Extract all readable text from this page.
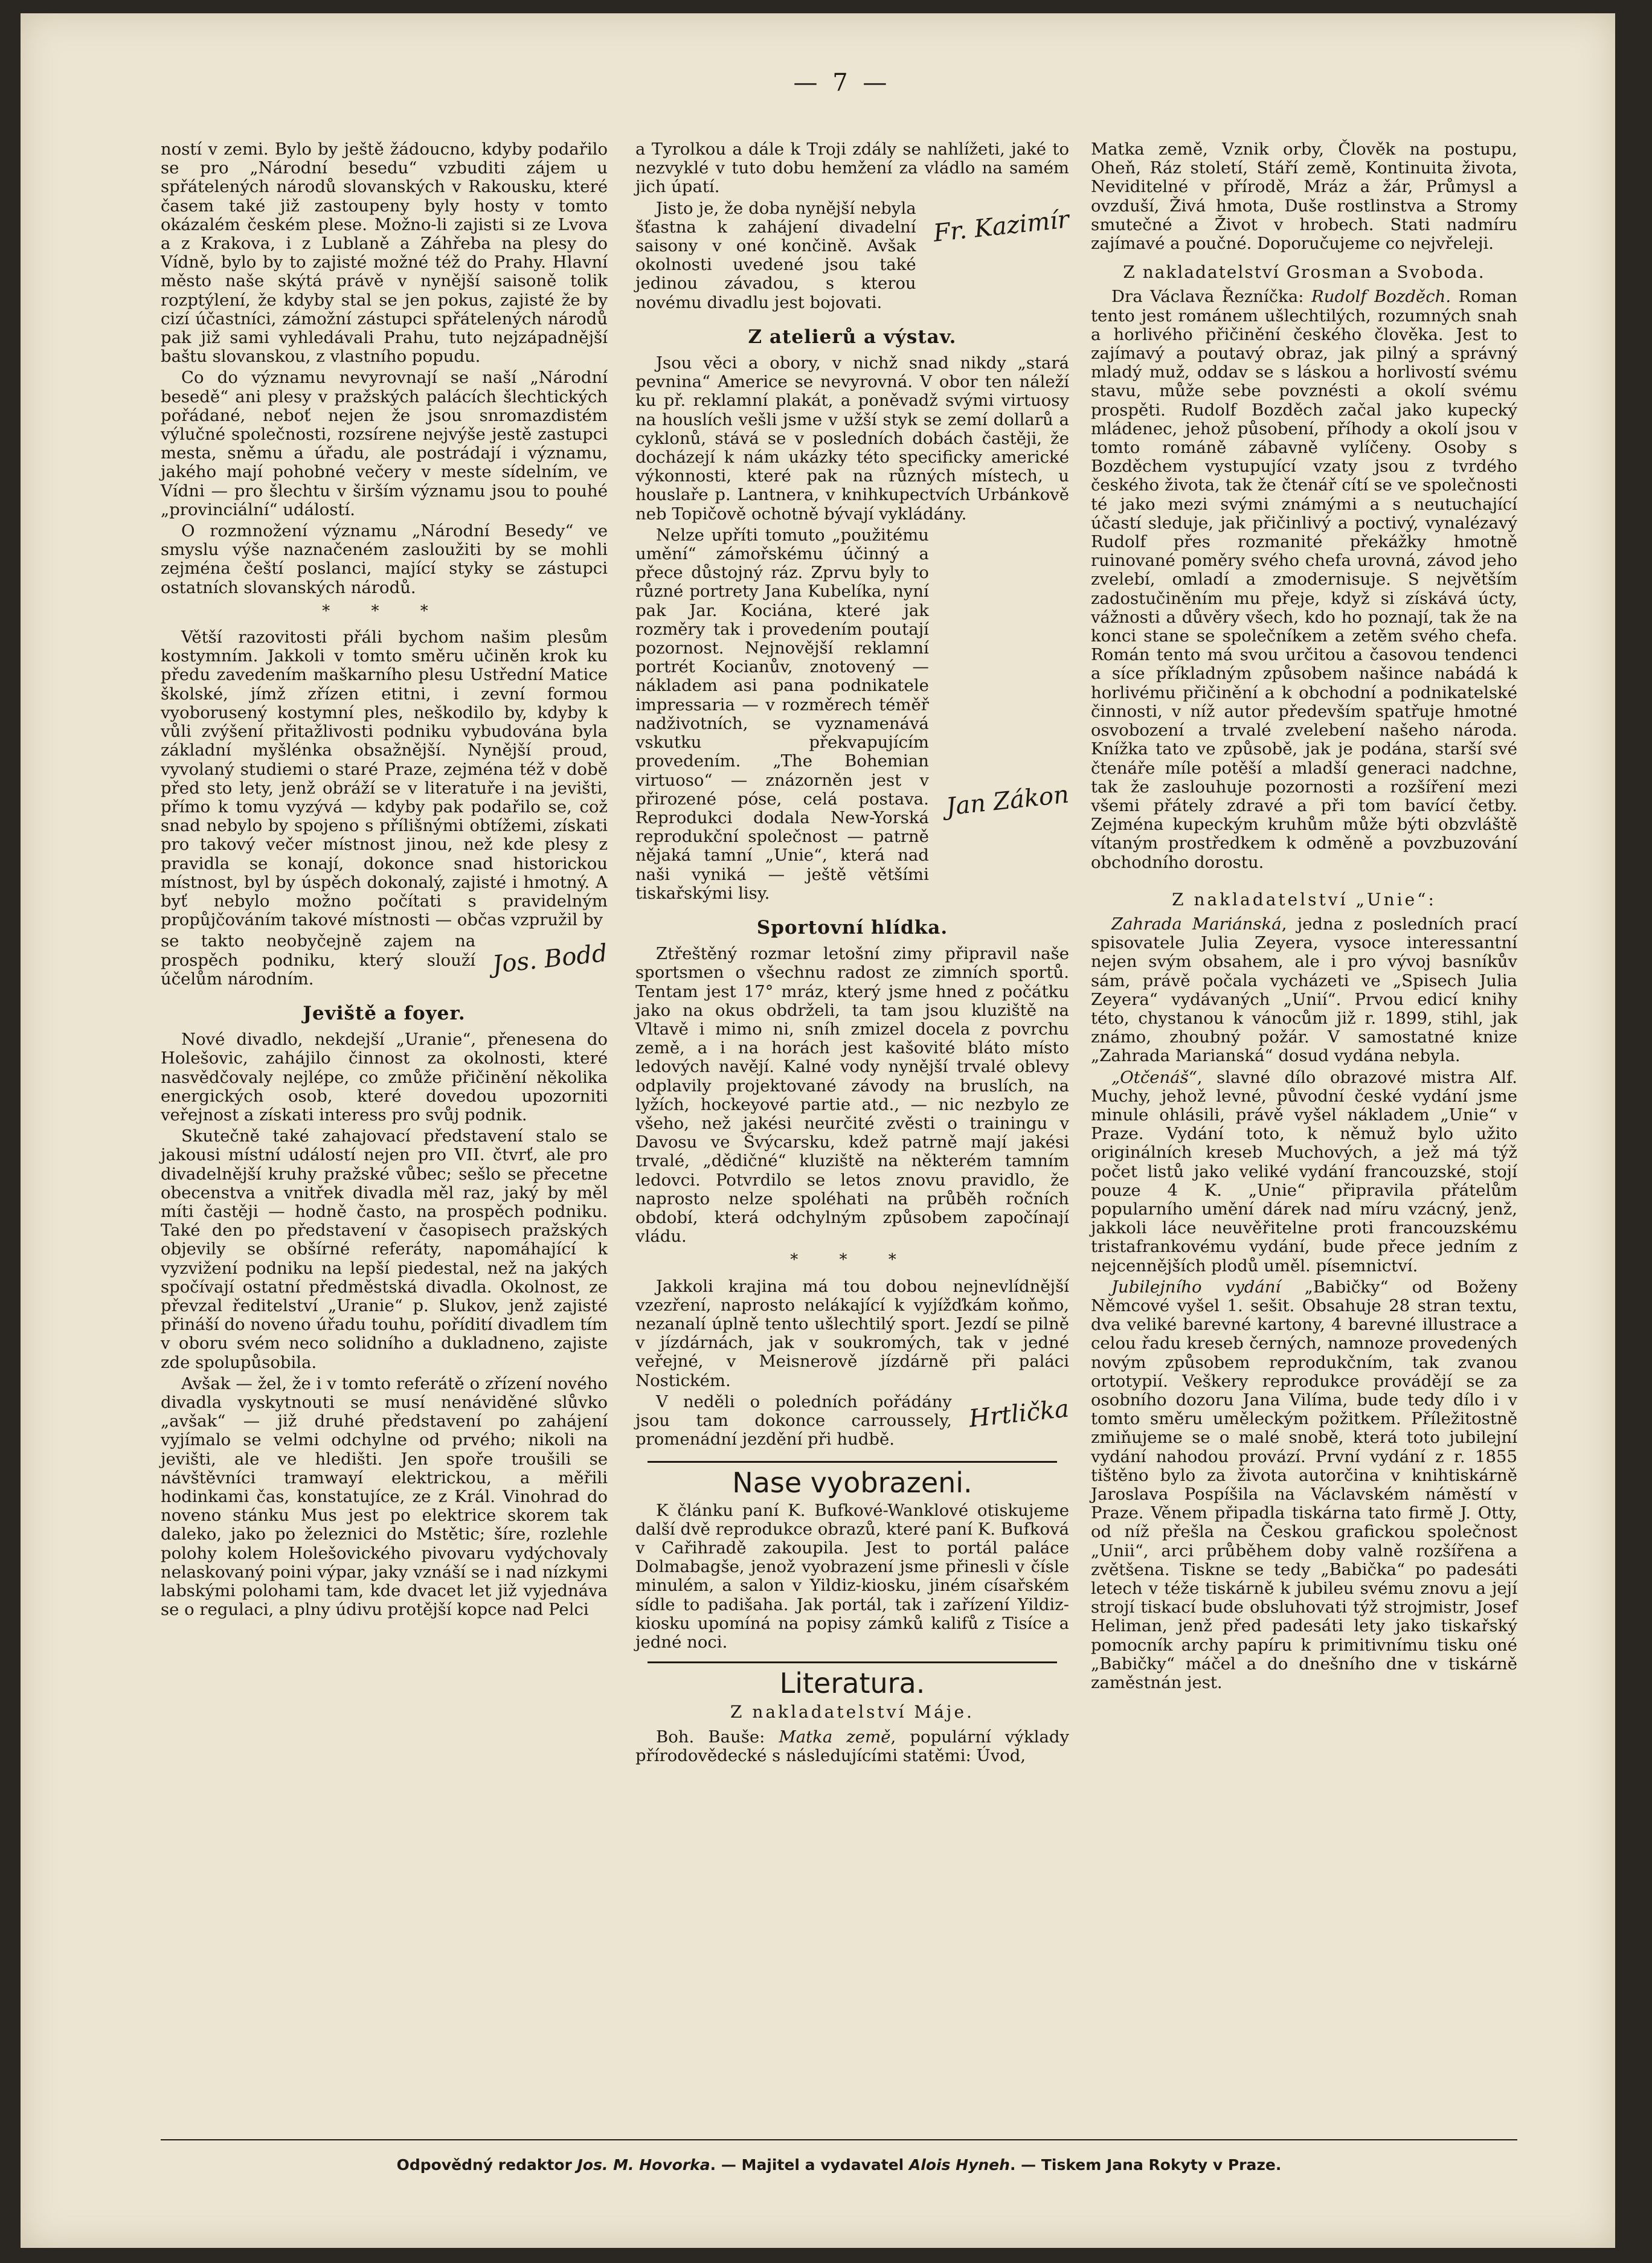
— 7 —

ností v zemi. Bylo by ještě žádoucno, kdyby podařilo se pro „Národní besedu“ vzbuditi zájem u spřátelených národů slovanských v Rakousku, které časem také již zastoupeny byly hosty v tomto okázalém českém plese. Možno-li zajisti si ze Lvova a z Krakova, i z Lublaně a Záhřeba na plesy do Vídně, bylo by to zajisté možné též do Prahy. Hlavní město naše skýtá právě v nynější saisoně tolik rozptýlení, že kdyby stal se jen pokus, zajisté že by cizí účastníci, zámožní zástupci spřátelených národů pak již sami vyhledávali Prahu, tuto nejzápadnější baštu slovanskou, z vlastního popudu.

Co do významu nevyrovnají se naší „Národní besedě“ ani plesy v pražských palácích šlechtických pořádané, neboť nejen že jsou snromazdistém výlučné společnosti, rozsírene nejvýše jestě zastupci mesta, sněmu a úřadu, ale postrádají i významu, jakého mají pohobné večery v meste sídelním, ve Vídni — pro šlechtu v širším významu jsou to pouhé „provinciální“ událostí.

O rozmnožení významu „Národní Besedy“ ve smyslu výše naznačeném zasloužiti by se mohli zejména čeští poslanci, mající styky se zástupci ostatních slovanských národů.

* * *

Větší razovitosti přáli bychom našim plesům kostymním. Jakkoli v tomto směru učiněn krok ku předu zavedením maškarního plesu Ustřední Matice školské, jímž zřízen etitni, i zevní formou vyoborusený kostymní ples, neškodilo by, kdyby k vůli zvýšení přitažlivosti podniku vybudována byla základní myšlénka obsažnější. Nynější proud, vyvolaný studiemi o staré Praze, zejména též v době před sto lety, jenž obráží se v literatuře i na jevišti, přímo k tomu vyzývá — kdyby pak podařilo se, což snad nebylo by spojeno s přílišnými obtížemi, získati pro takový večer místnost jinou, než kde plesy z pravidla se konají, dokonce snad historickou místnost, byl by úspěch dokonalý, zajisté i hmotný. A byť nebylo možno počítati s pravidelným propůjčováním takové místnosti — občas vzpružil by

se takto neobyčejně zajem na prospěch podniku, který slouží účelům národním.	Jos. Bodd
Jeviště a foyer.

Nové divadlo, nekdejší „Uranie“, přenesena do Holešovic, zahájilo činnost za okolnosti, které nasvědčovaly nejlépe, co zmůže přičinění několika energických osob, které dovedou upozorniti veřejnost a získati interess pro svůj podnik.

Skutečně také zahajovací představení stalo se jakousi místní událostí nejen pro VII. čtvrť, ale pro divadelnější kruhy pražské vůbec; sešlo se přecetne obecenstva a vnitřek divadla měl raz, jaký by měl míti častěji — hodně často, na prospěch podniku. Také den po představení v časopisech pražských objevily se obšírné referáty, napomáhající k vyzvižení podniku na lepší piedestal, než na jakých spočívají ostatní předměstská divadla. Okolnost, ze převzal ředitelství „Uranie“ p. Slukov, jenž zajisté přináší do noveno úřadu touhu, pořídití divadlem tím v oboru svém neco solidního a dukladneno, zajiste zde spolupůsobila.

Avšak — žel, že i v tomto referátě o zřízení nového divadla vyskytnouti se musí nenáviděné slůvko „avšak“ — již druhé představení po zahájení vyjímalo se velmi odchylne od prvého; nikoli na jevišti, ale ve hledišti. Jen spoře troušili se návštěvníci tramwayí elektrickou, a měřili hodinkami čas, konstatujíce, ze z Král. Vinohrad do noveno stánku Mus jest po elektrice skorem tak daleko, jako po železnici do Mstětic; šíre, rozlehle polohy kolem Holešovického pivovaru vydýchovaly nelaskovaný poini výpar, jaky vznáší se i nad nízkymi labskými polohami tam, kde dvacet let již vyjednáva se o regulaci, a plny údivu protější kopce nad Pelci

a Tyrolkou a dále k Troji zdály se nahlížeti, jaké to nezvyklé v tuto dobu hemžení za vládlo na samém jich úpatí.

Jisto je, že doba nynější nebyla šťastna k zahájení divadelní saisony v oné končině. Avšak okolnosti uvedené jsou také jedinou závadou, s kterou novému divadlu jest bojovati.

Fr. Kazimír
Z atelierů a výstav.

Jsou věci a obory, v nichž snad nikdy „stará pevnina“ Americe se nevyrovná. V obor ten náleží ku př. reklamní plakát, a poněvadž svými virtuosy na houslích vešli jsme v užší styk se zemí dollarů a cyklonů, stává se v posledních dobách častěji, že docházejí k nám ukázky této specificky americké výkonnosti, které pak na různých místech, u houslaře p. Lantnera, v knihkupectvích Urbánkově neb Topičově ochotně bývají vykládány.

Nelze upříti tomuto „použitému umění“ zámořskému účinný a přece důstojný ráz. Zprvu byly to různé portrety Jana Kubelíka, nyní pak Jar. Kociána, které jak rozměry tak i provedením poutají pozornost. Nejnovější reklamní portrét Kocianův, znotovený — nákladem asi pana podnikatele impressaria — v rozměrech téměř nadživotních, se vyznamenává vskutku překvapujícím provedením. „The Bohemian virtuoso“ — znázorněn jest v přirozené póse, celá postava. Reprodukci dodala New-Yorská reprodukční společnost — patrně nějaká tamní „Unie“, která nad naši vyniká — ještě většími tiskařskými lisy.

Jan Zákon
Sportovní hlídka.

Ztřeštěný rozmar letošní zimy připravil naše sportsmen o všechnu radost ze zimních sportů. Tentam jest 17° mráz, který jsme hned z počátku jako na okus obdrželi, ta tam jsou kluziště na Vltavě i mimo ni, sníh zmizel docela z povrchu země, a i na horách jest kašovité bláto místo ledových navějí. Kalné vody nynější trvalé oblevy odplavily projektované závody na bruslích, na lyžích, hockeyové partie atd., — nic nezbylo ze všeho, než jakési neurčité zvěsti o trainingu v Davosu ve Švýcarsku, kdež patrně mají jakési trvalé, „dědičné“ kluziště na některém tamním ledovci. Potvrdilo se letos znovu pravidlo, že naprosto nelze spoléhati na průběh ročních období, která odchylným způsobem započínají vládu.

* * *

Jakkoli krajina má tou dobou nejnevlídnější vzezření, naprosto nelákající k vyjížďkám koňmo, nezanalí úplně tento ušlechtilý sport. Jezdí se pilně v jízdárnách, jak v soukromých, tak v jedné veřejné, v Meisnerově jízdárně při paláci Nostickém.

V neděli o poledních pořádány jsou tam dokonce carroussely, promenádní jezdění při hudbě.

Hrtlička
Nase vyobrazeni.

K článku paní K. Bufkové-Wanklové otiskujeme další dvě reprodukce obrazů, které paní K. Bufková v Cařihradě zakoupila. Jest to portál paláce Dolmabagše, jenož vyobrazení jsme přinesli v čísle minulém, a salon v Yildiz-kiosku, jiném císařském sídle to padišaha. Jak portál, tak i zařízení Yildiz-kiosku upomíná na popisy zámků kalifů z Tisíce a jedné noci.

Literatura.
Z nakladatelství Máje.

Boh. Bauše: Matka země, populární výklady přírodovědecké s následujícími statěmi: Úvod,

Matka země, Vznik orby, Člověk na postupu, Oheň, Ráz století, Stáří země, Kontinuita života, Neviditelné v přírodě, Mráz a žár, Průmysl a ovzduší, Živá hmota, Duše rostlinstva a Stromy smutečné a Život v hrobech. Stati nadmíru zajímavé a poučné. Doporučujeme co nejvřeleji.

Z nakladatelství Grosman a Svoboda.

Dra Václava Řezníčka: Rudolf Bozděch. Roman tento jest románem ušlechtilých, rozumných snah a horlivého přičinění českého člověka. Jest to zajímavý a poutavý obraz, jak pilný a správný mladý muž, oddav se s láskou a horlivostí svému stavu, může sebe povznésti a okolí svému prospěti. Rudolf Bozděch začal jako kupecký mládenec, jehož působení, příhody a okolí jsou v tomto románě zábavně vylíčeny. Osoby s Bozděchem vystupující vzaty jsou z tvrdého českého života, tak že čtenář cítí se ve společnosti té jako mezi svými známými a s neutuchající účastí sleduje, jak přičinlivý a poctivý, vynalézavý Rudolf přes rozmanité překážky hmotně ruinované poměry svého chefa urovná, závod jeho zvelebí, omladí a zmodernisuje. S největším zadostučiněním mu přeje, když si získává úcty, vážnosti a důvěry všech, kdo ho poznají, tak že na konci stane se společníkem a zetěm svého chefa. Román tento má svou určitou a časovou tendenci a síce příkladným způsobem našince nabádá k horlivému přičinění a k obchodní a podnikatelské činnosti, v níž autor především spatřuje hmotné osvobození a trvalé zvelebení našeho národa. Knížka tato ve způsobě, jak je podána, starší své čtenáře míle potěší a mladší generaci nadchne, tak že zaslouhuje pozornosti a rozšíření mezi všemi přátely zdravé a při tom bavící četby. Zejména kupeckým kruhům může býti obzvláště vítaným prostředkem k odměně a povzbuzování obchodního dorostu.

Z nakladatelství „Unie“:

Zahrada Mariánská, jedna z posledních prací spisovatele Julia Zeyera, vysoce interessantní nejen svým obsahem, ale i pro vývoj basníkův sám, právě počala vycházeti ve „Spisech Julia Zeyera“ vydávaných „Unií“. Prvou edicí knihy této, chystanou k vánocům již r. 1899, stihl, jak známo, zhoubný požár. V samostatné knize „Zahrada Marianská“ dosud vydána nebyla.

„Otčenáš“, slavné dílo obrazové mistra Alf. Muchy, jehož levné, původní české vydání jsme minule ohlásili, právě vyšel nákladem „Unie“ v Praze. Vydání toto, k němuž bylo užito originálních kreseb Muchových, a jež má týž počet listů jako veliké vydání francouzské, stojí pouze 4 K. „Unie“ připravila přátelům popularního umění dárek nad míru vzácný, jenž, jakkoli láce neuvěřitelne proti francouzskému tristafrankovému vydání, bude přece jedním z nejcennějších plodů uměl. písemnictví.

Jubilejního vydání „Babičky“ od Boženy Němcové vyšel 1. sešit. Obsahuje 28 stran textu, dva veliké barevné kartony, 4 barevné illustrace a celou řadu kreseb černých, namnoze provedených novým způsobem reprodukčním, tak zvanou ortotypií. Veškery reprodukce provádějí se za osobního dozoru Jana Vilíma, bude tedy dílo i v tomto směru uměleckým požitkem. Příležitostně zmiňujeme se o malé snobě, která toto jubilejní vydání nahodou provází. První vydání z r. 1855 tištěno bylo za života autorčina v knihtiskárně Jaroslava Pospíšila na Václavském náměstí v Praze. Věnem připadla tiskárna tato firmě J. Otty, od níž přešla na Českou grafickou společnost „Unii“, arci průběhem doby valně rozšířena a zvětšena. Tiskne se tedy „Babička“ po padesáti letech v téže tiskárně k jubileu svému znovu a její strojí tiskací bude obsluhovati týž strojmistr, Josef Heliman, jenž před padesáti lety jako tiskařský pomocník archy papíru k primitivnímu tisku oné „Babičky“ máčel a do dnešního dne v tiskárně zaměstnán jest.

Odpovědný redaktor Jos. M. Hovorka. — Majitel a vydavatel Alois Hyneh. — Tiskem Jana Rokyty v Praze.
